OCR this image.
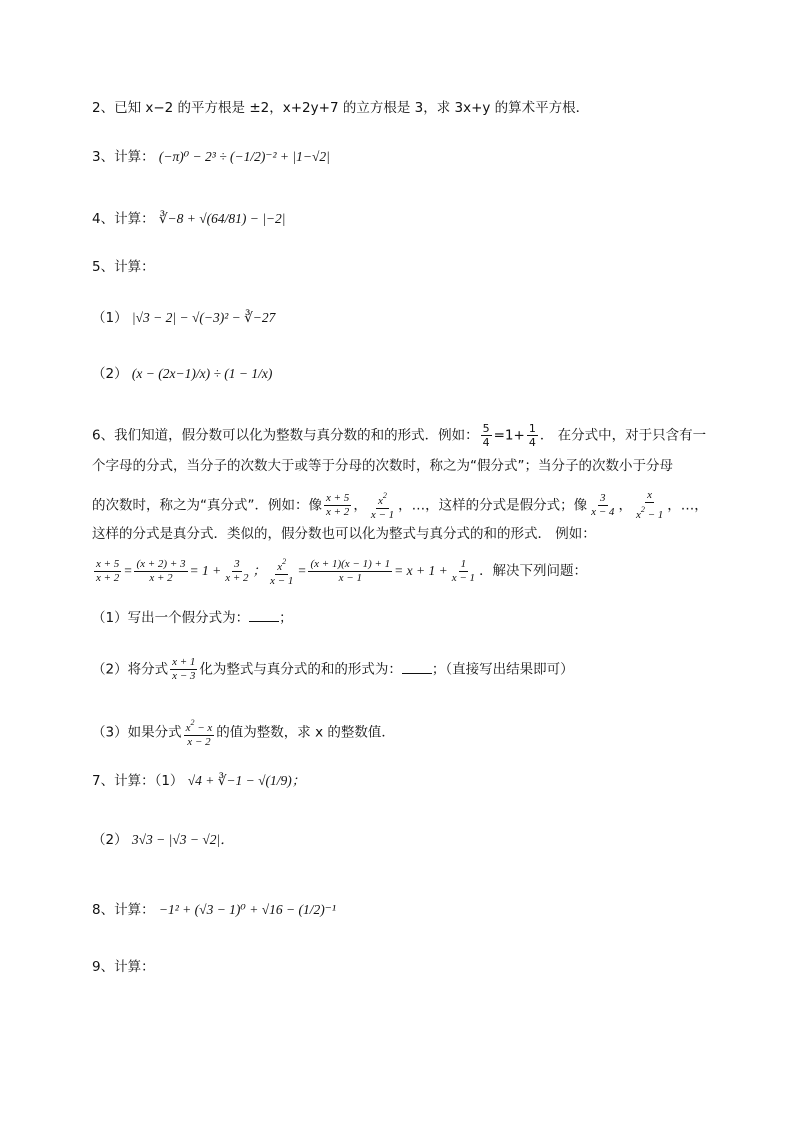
2、已知 x−2 的平方根是 ±2，x+2y+7 的立方根是 3，求 3x+y 的算术平方根．
3、计算： (−π)⁰ − 2³ ÷ (−1/2)⁻² + |1−√2|
4、计算： ∛−8 + √(64/81) − |−2|
5、计算：
（1） |√3 − 2| − √(−3)² − ∛−27
（2） (x − (2x−1)/x) ÷ (1 − 1/x)
6、我们知道，假分数可以化为整数与真分数的和的形式．例如： $\frac{5}{4} =1+ \frac{1}{4}$ ． 在分式中，对于只含有一
个字母的分式，当分子的次数大于或等于分母的次数时，称之为“假分式”；当分子的次数小于分母
的次数时，称之为“真分式”．例如：像 $\frac{x + 5}{x + 2}$ ， $\frac{x^2}{x - 1}$ ，…，这样的分式是假分式；像 $\frac{3}{x - 4}$ ， $\frac{x}{x^2 - 1}$ ，…，
这样的分式是真分式．类似的，假分数也可以化为整式与真分式的和的形式． 例如：
$\frac{x + 5}{x + 2} = \frac{(x + 2) + 3}{x + 2} = 1 + \frac{3}{x + 2}$ ； $\frac{x^2}{x - 1} = \frac{(x + 1)(x - 1) + 1}{x - 1} = x + 1 + \frac{1}{x - 1}$ ．解决下列问题：
（1）写出一个假分式为： ；
（2）将分式 $\frac{x + 1}{x - 3}$ 化为整式与真分式的和的形式为： ；（直接写出结果即可）
（3）如果分式 $\frac{x^2 - x}{x - 2}$ 的值为整数，求 x 的整数值．
7、计算：（1） √4 + ∛−1 − √(1/9)；
（2） 3√3 − |√3 − √2|．
8、计算： −1² + (√3 − 1)⁰ + √16 − (1/2)⁻¹
9、计算：
